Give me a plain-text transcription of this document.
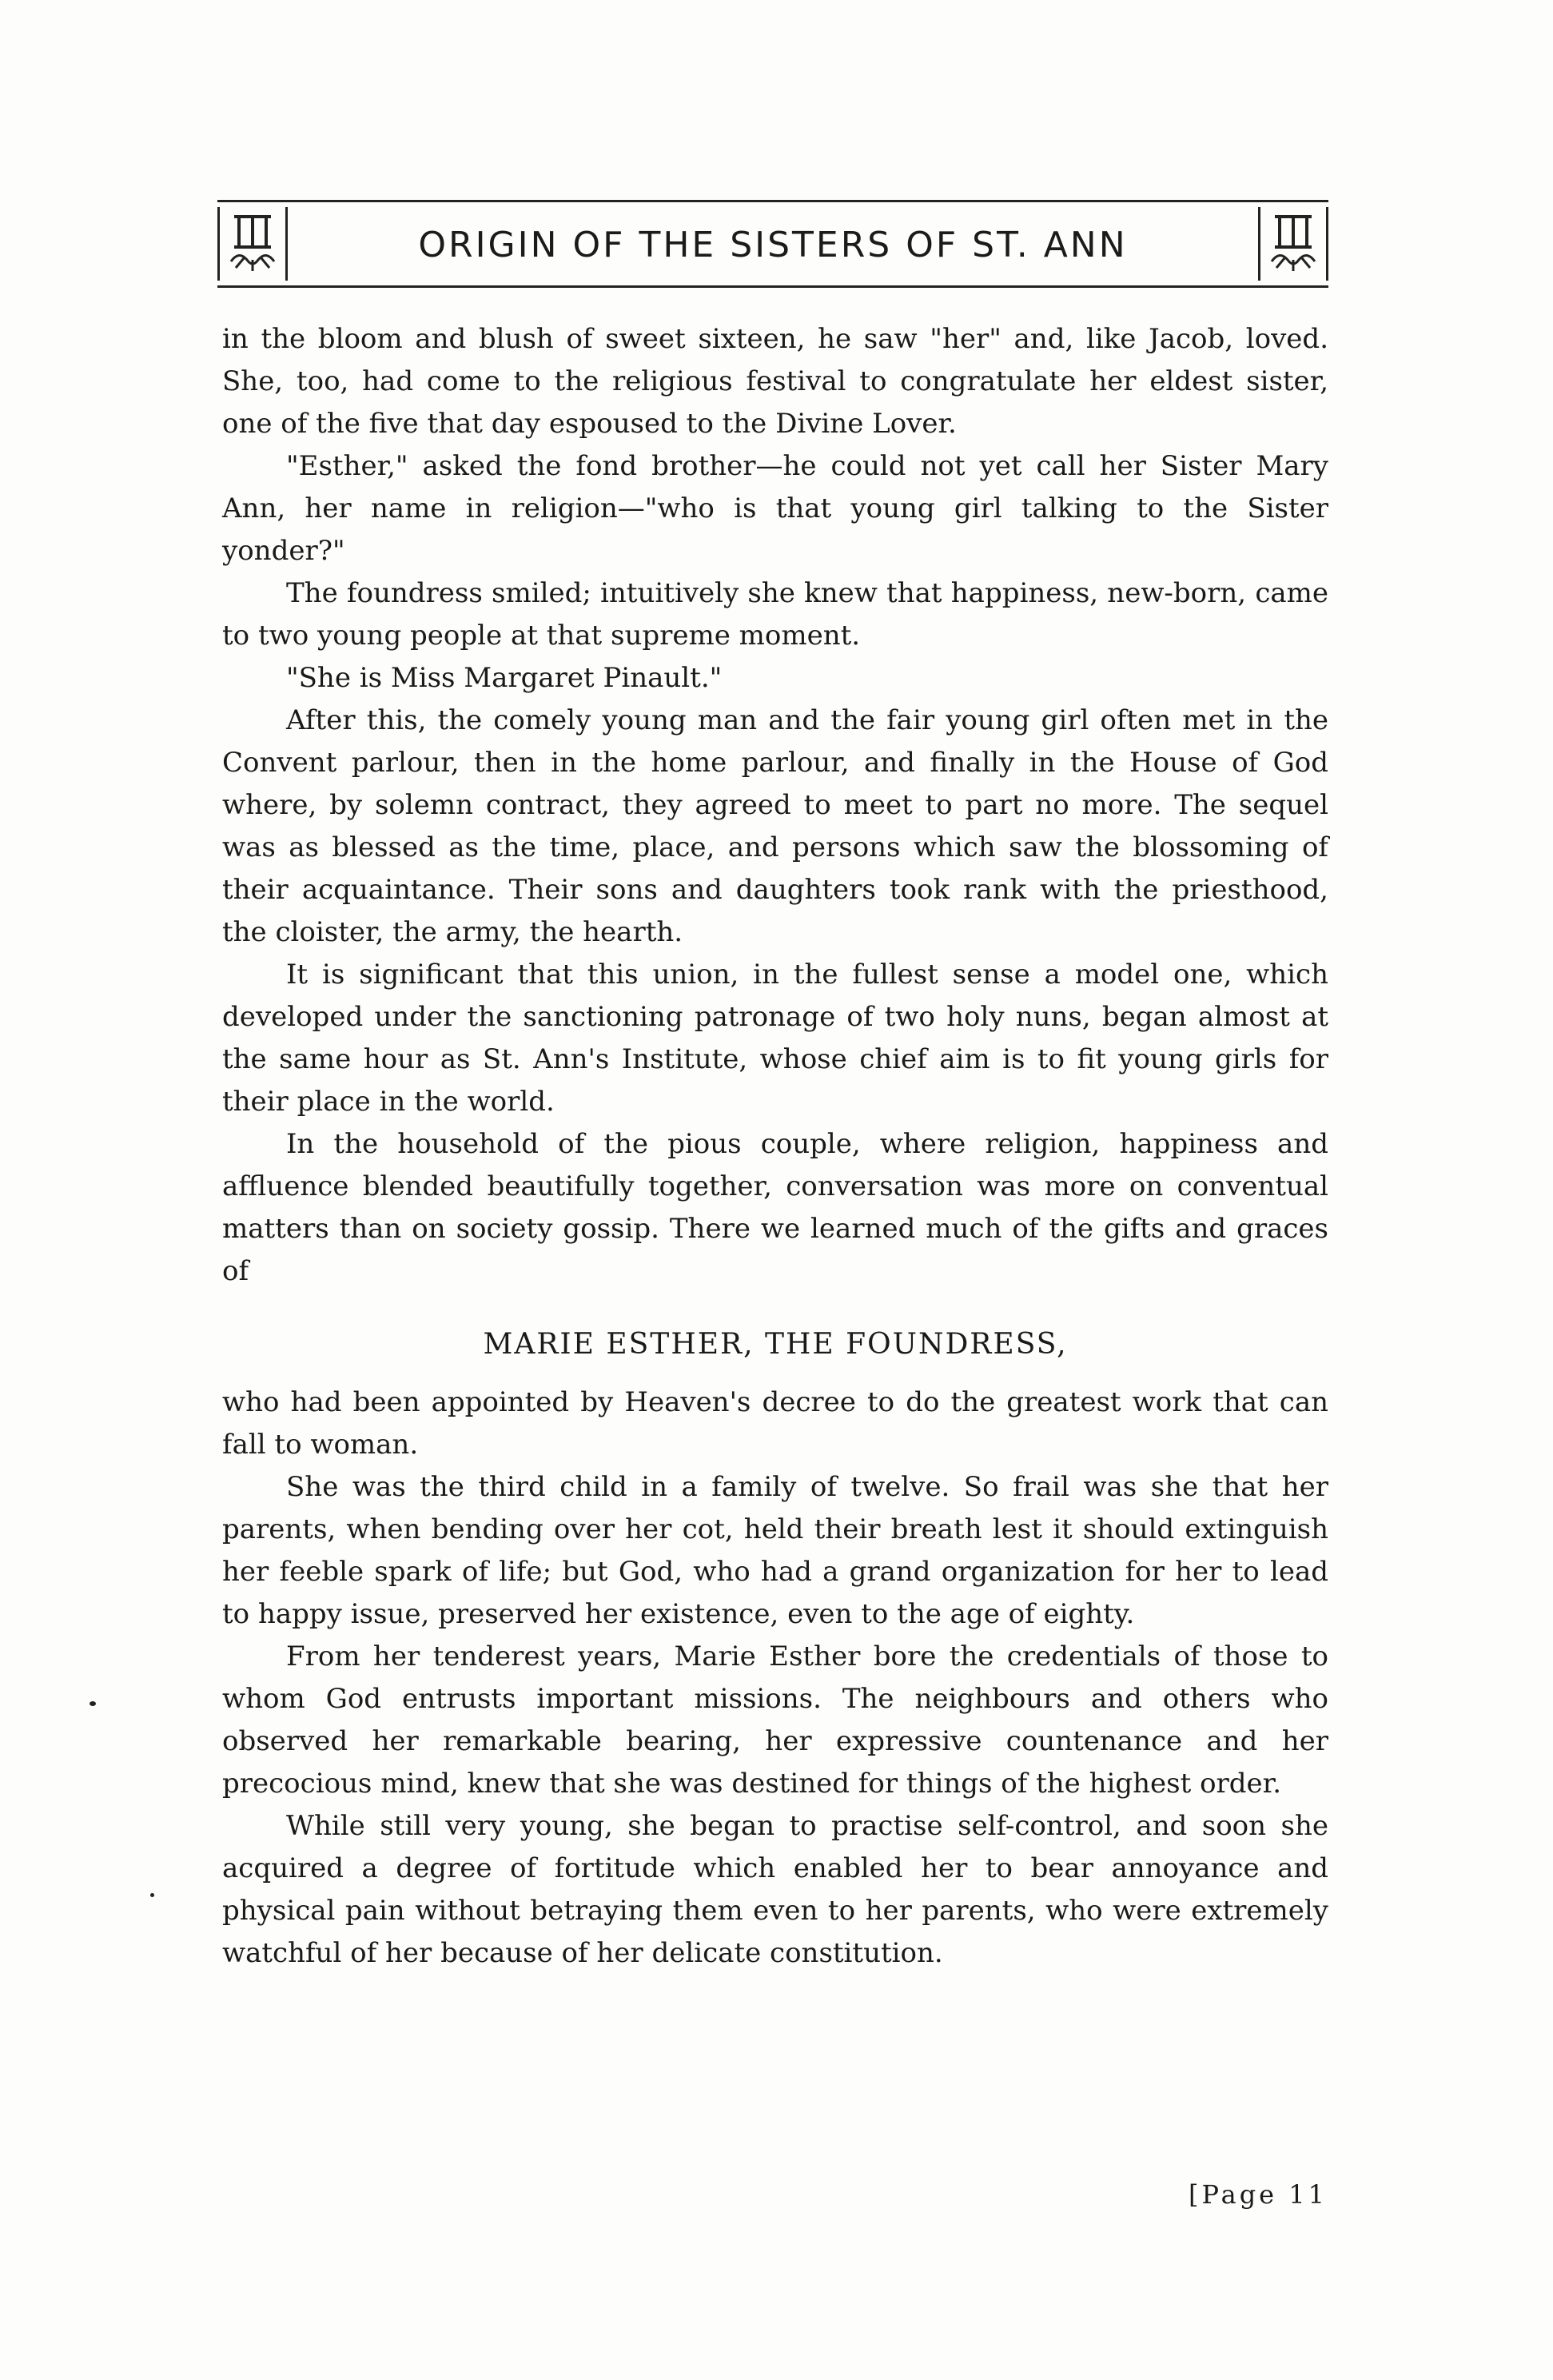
ORIGIN OF THE SISTERS OF ST. ANN

in the bloom and blush of sweet sixteen, he saw "her" and, like Jacob, loved. She, too, had come to the religious festival to congratulate her eldest sister, one of the five that day espoused to the Divine Lover.

"Esther," asked the fond brother—he could not yet call her Sister Mary Ann, her name in religion—"who is that young girl talking to the Sister yonder?"

The foundress smiled; intuitively she knew that happiness, new-born, came to two young people at that supreme moment.

"She is Miss Margaret Pinault."

After this, the comely young man and the fair young girl often met in the Convent parlour, then in the home parlour, and finally in the House of God where, by solemn contract, they agreed to meet to part no more. The sequel was as blessed as the time, place, and persons which saw the blossoming of their acquaintance. Their sons and daughters took rank with the priesthood, the cloister, the army, the hearth.

It is significant that this union, in the fullest sense a model one, which developed under the sanctioning patronage of two holy nuns, began almost at the same hour as St. Ann's Institute, whose chief aim is to fit young girls for their place in the world.

In the household of the pious couple, where religion, happiness and affluence blended beautifully together, conversation was more on conventual matters than on society gossip. There we learned much of the gifts and graces of

MARIE ESTHER, THE FOUNDRESS,

who had been appointed by Heaven's decree to do the greatest work that can fall to woman.

She was the third child in a family of twelve. So frail was she that her parents, when bending over her cot, held their breath lest it should extinguish her feeble spark of life; but God, who had a grand organization for her to lead to happy issue, preserved her existence, even to the age of eighty.

From her tenderest years, Marie Esther bore the credentials of those to whom God entrusts important missions. The neighbours and others who observed her remarkable bearing, her expressive countenance and her precocious mind, knew that she was destined for things of the highest order.

While still very young, she began to practise self-control, and soon she acquired a degree of fortitude which enabled her to bear annoyance and physical pain without betraying them even to her parents, who were extremely watchful of her because of her delicate constitution.

[Page 11
